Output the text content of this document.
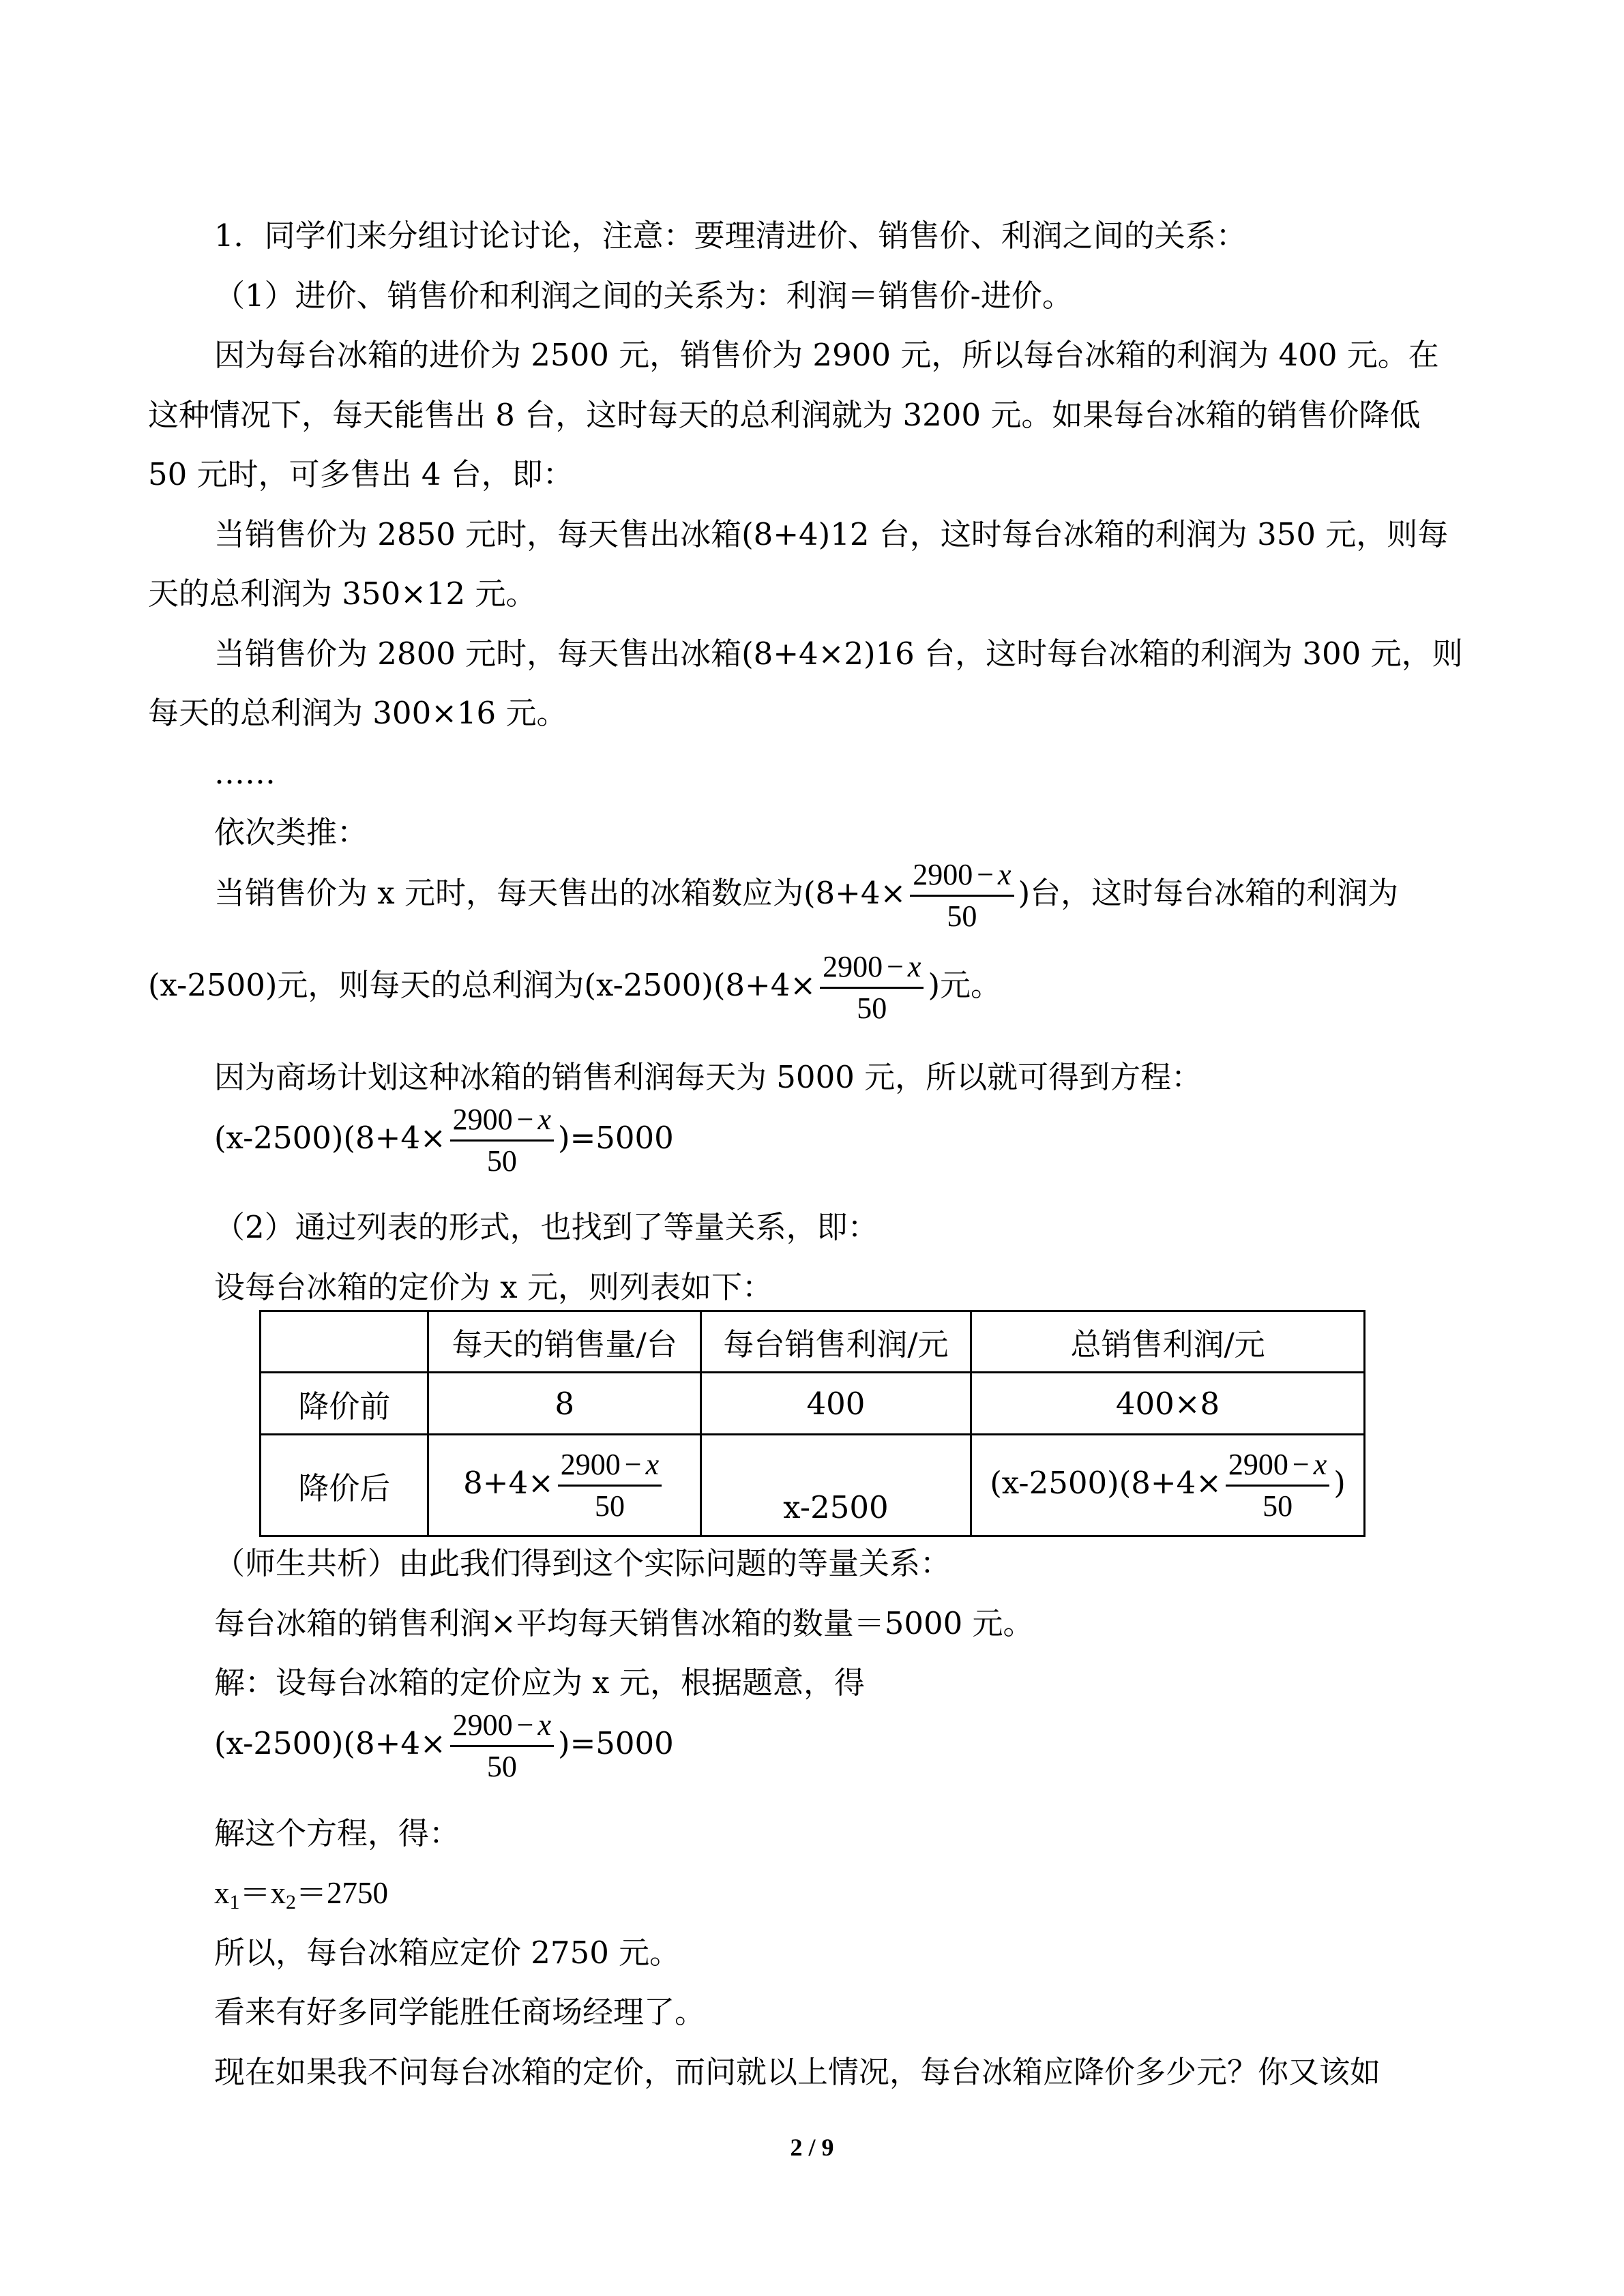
1．同学们来分组讨论讨论，注意：要理清进价、销售价、利润之间的关系：
（1）进价、销售价和利润之间的关系为：利润＝销售价-进价。
因为每台冰箱的进价为 2500 元，销售价为 2900 元，所以每台冰箱的利润为 400 元。在
这种情况下，每天能售出 8 台，这时每天的总利润就为 3200 元。如果每台冰箱的销售价降低
50 元时，可多售出 4 台，即：
当销售价为 2850 元时，每天售出冰箱(8+4)12 台，这时每台冰箱的利润为 350 元，则每
天的总利润为 350×12 元。
当销售价为 2800 元时，每天售出冰箱(8+4×2)16 台，这时每台冰箱的利润为 300 元，则
每天的总利润为 300×16 元。
……
依次类推：
当销售价为 x 元时，每天售出的冰箱数应为($8+4\times \frac{2900 - x}{50}$ )台，这时每台冰箱的利润为
(x-2500)元，则每天的总利润为$(x-2500)(8+4\times \frac{2900 - x}{50}$ )元。
因为商场计划这种冰箱的销售利润每天为 5000 元，所以就可得到方程：
$(x-2500)(8+4\times \frac{2900 - x}{50} )=5000$
（2）通过列表的形式，也找到了等量关系，即：
设每台冰箱的定价为 x 元，则列表如下：
	每天的销售量/台	每台销售利润/元	总销售利润/元
降价前	8	400	400×8
降价后	$8+4\times \frac{2900 - x}{50}$	x-2500	$(x-2500)(8+4\times \frac{2900 - x}{50}$ )
（师生共析）由此我们得到这个实际问题的等量关系：
每台冰箱的销售利润×平均每天销售冰箱的数量＝5000 元。
解：设每台冰箱的定价应为 x 元，根据题意，得
$(x-2500)(8+4\times \frac{2900 - x}{50} )=5000$
解这个方程，得：
$x_1=x_2=2750$
所以，每台冰箱应定价 2750 元。
看来有好多同学能胜任商场经理了。
现在如果我不问每台冰箱的定价，而问就以上情况，每台冰箱应降价多少元？你又该如
2 / 9
